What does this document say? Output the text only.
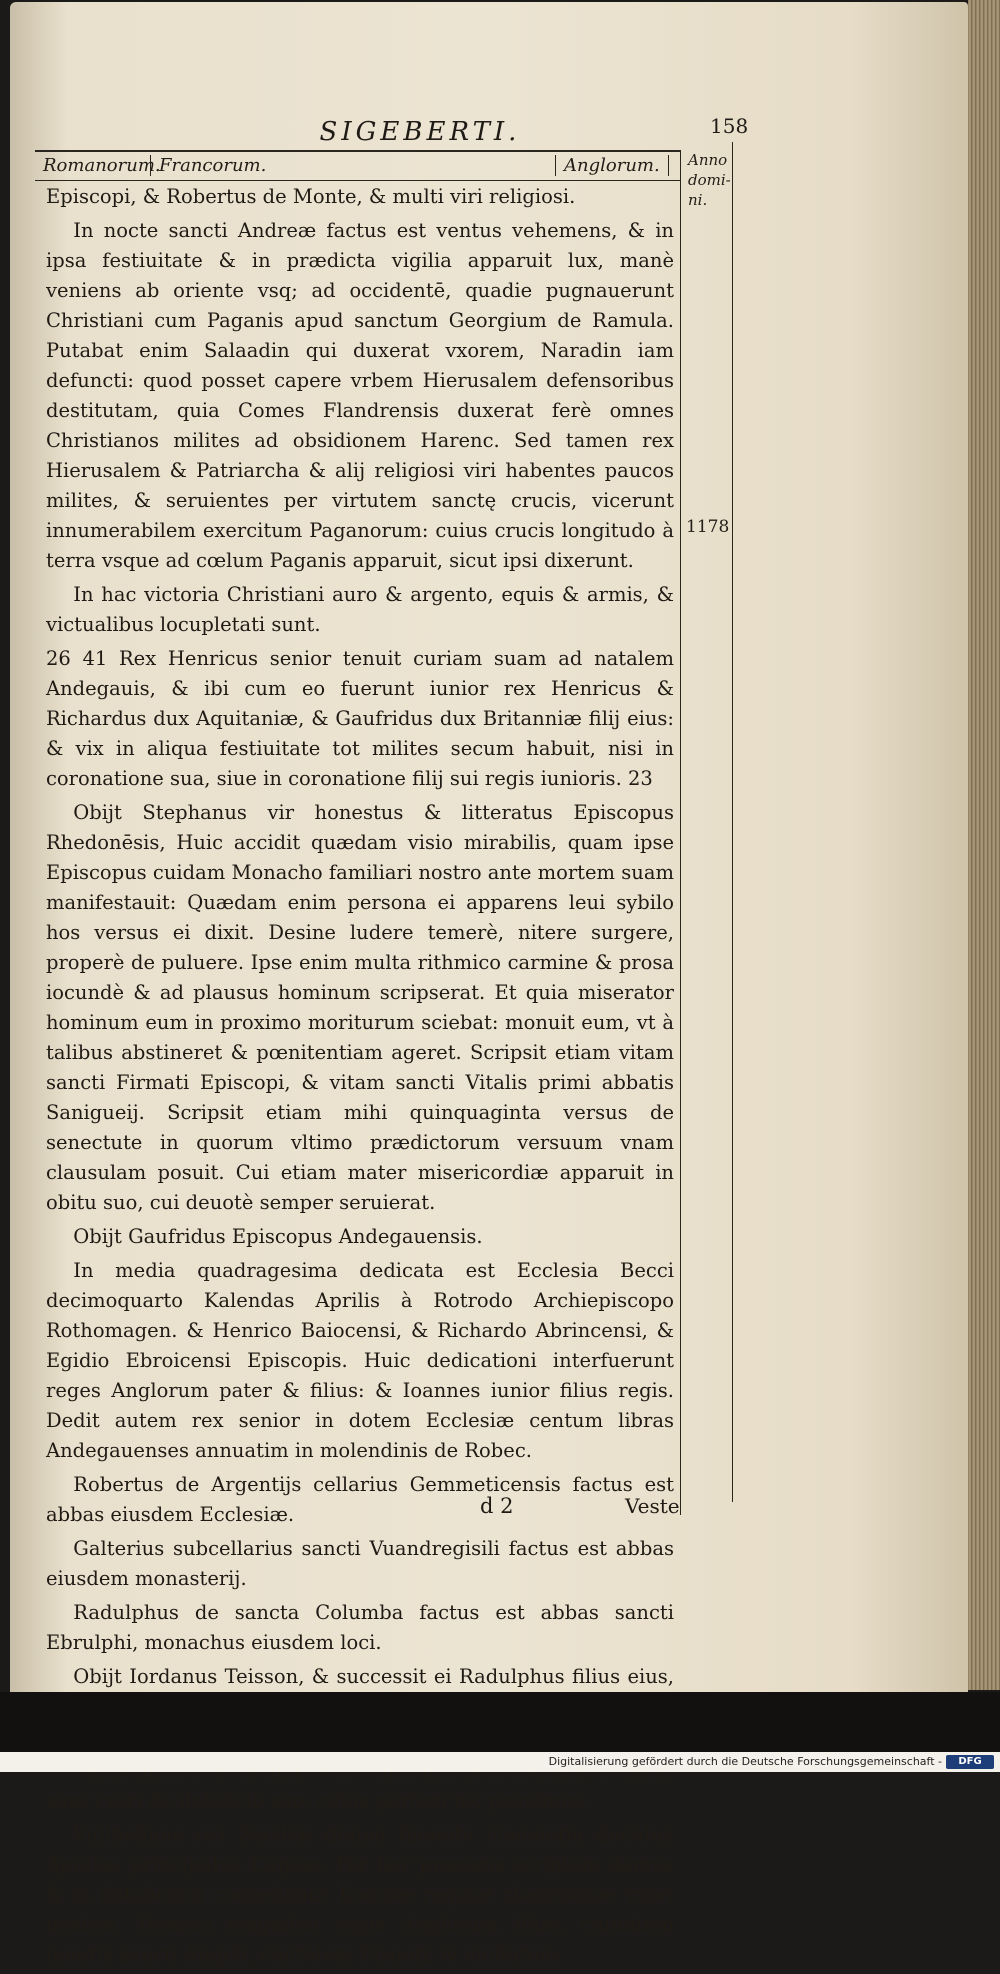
SIGEBERTI.	158
Romanorum.
Francorum.	Anglorum.	Anno
domi-
ni.
1178

Episcopi, & Robertus de Monte, & multi viri religiosi.

In nocte sancti Andreæ factus est ventus vehemens, & in ipsa festiuitate & in prædicta vigilia apparuit lux, manè veniens ab oriente vsq; ad occidentē, quadie pugnauerunt Christiani cum Paganis apud sanctum Georgium de Ramula. Putabat enim Salaadin qui duxerat vxorem, Naradin iam defuncti: quod posset capere vrbem Hierusalem defensoribus destitutam, quia Comes Flandrensis duxerat ferè omnes Christianos milites ad obsidionem Harenc. Sed tamen rex Hierusalem & Patriarcha & alij religiosi viri habentes paucos milites, & seruientes per virtutem sanctę crucis, vicerunt innumerabilem exercitum Paganorum: cuius crucis longitudo à terra vsque ad cœlum Paganis apparuit, sicut ipsi dixerunt.

In hac victoria Christiani auro & argento, equis & armis, & victualibus locupletati sunt.

26 41 Rex Henricus senior tenuit curiam suam ad natalem Andegauis, & ibi cum eo fuerunt iunior rex Henricus & Richardus dux Aquitaniæ, & Gaufridus dux Britanniæ filij eius: & vix in aliqua festiuitate tot milites secum habuit, nisi in coronatione sua, siue in coronatione filij sui regis iunioris. 23

Obijt Stephanus vir honestus & litteratus Episcopus Rhedonēsis, Huic accidit quædam visio mirabilis, quam ipse Episcopus cuidam Monacho familiari nostro ante mortem suam manifestauit: Quædam enim persona ei apparens leui sybilo hos versus ei dixit. Desine ludere temerè, nitere surgere, properè de puluere. Ipse enim multa rithmico carmine & prosa iocundè & ad plausus hominum scripserat. Et quia miserator hominum eum in proximo moriturum sciebat: monuit eum, vt à talibus abstineret & pœnitentiam ageret. Scripsit etiam vitam sancti Firmati Episcopi, & vitam sancti Vitalis primi abbatis Sanigueij. Scripsit etiam mihi quinquaginta versus de senectute in quorum vltimo prædictorum versuum vnam clausulam posuit. Cui etiam mater misericordiæ apparuit in obitu suo, cui deuotè semper seruierat.

Obijt Gaufridus Episcopus Andegauensis.

In media quadragesima dedicata est Ecclesia Becci decimoquarto Kalendas Aprilis à Rotrodo Archiepiscopo Rothomagen. & Henrico Baiocensi, & Richardo Abrincensi, & Egidio Ebroicensi Episcopis. Huic dedicationi interfuerunt reges Anglorum pater & filius: & Ioannes iunior filius regis. Dedit autem rex senior in dotem Ecclesiæ centum libras Andegauenses annuatim in molendinis de Robec.

Robertus de Argentijs cellarius Gemmeticensis factus est abbas eiusdem Ecclesiæ.

Galterius subcellarius sancti Vuandregisili factus est abbas eiusdem monasterij.

Radulphus de sancta Columba factus est abbas sancti Ebrulphi, monachus eiusdem loci.

Obijt Iordanus Teisson, & successit ei Radulphus filius eius,

suæ vxori de dotalicio suo: cuius partem hic posuimus.

Vuilhelmus rex Syciliæ diuina fauente clementia ducatus Apuliæ, principatus Capuæ. Per hoc præsens scriptum damus & in dotalicium concedimus Ioannæ reginæ charissimæ vxori nostræ, Henrici magnifici regis Anglorum filiæ, ciuitatem montis sancti Angeli, ciuitatem Fixonti, & ciuitatem

d 2	Veste
Digitalisierung gefördert durch die Deutsche Forschungsgemeinschaft -	DFG
